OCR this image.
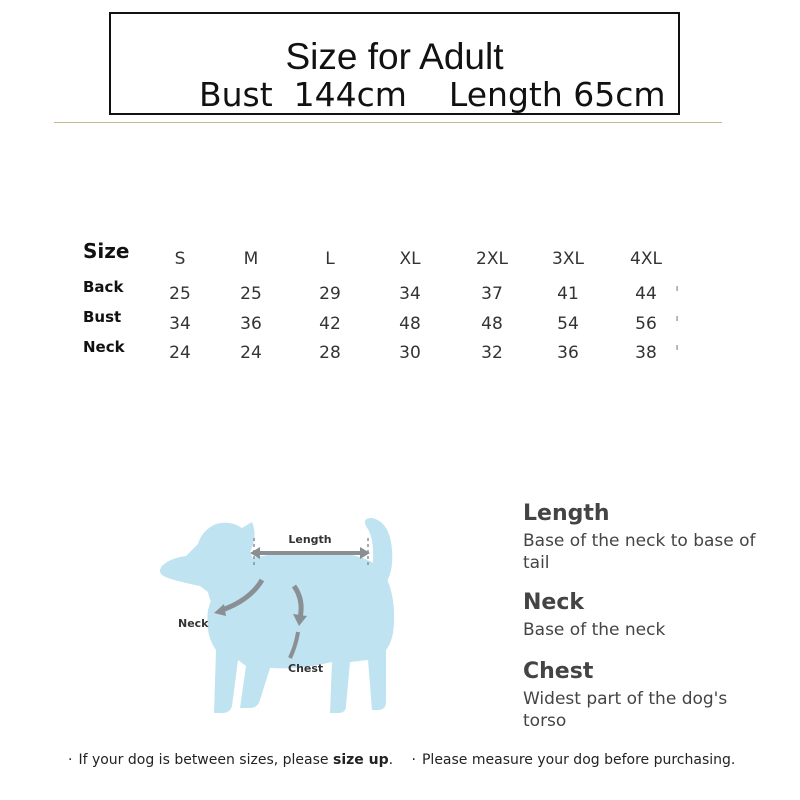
Size for Adult
Bust 144cm Length 65cm
Size	S	M	L	XL	2XL	3XL	4XL
Back	25	25	29	34	37	41	44	ˡ
Bust	34	36	42	48	48	54	56	ˡ
Neck	24	24	28	30	32	36	38	ˡ
Length
Neck
Chest
Length
Base of the neck to base of tail
Neck
Base of the neck
Chest
Widest part of the dog's torso
· If your dog is between sizes, please size up. · Please measure your dog before purchasing.
